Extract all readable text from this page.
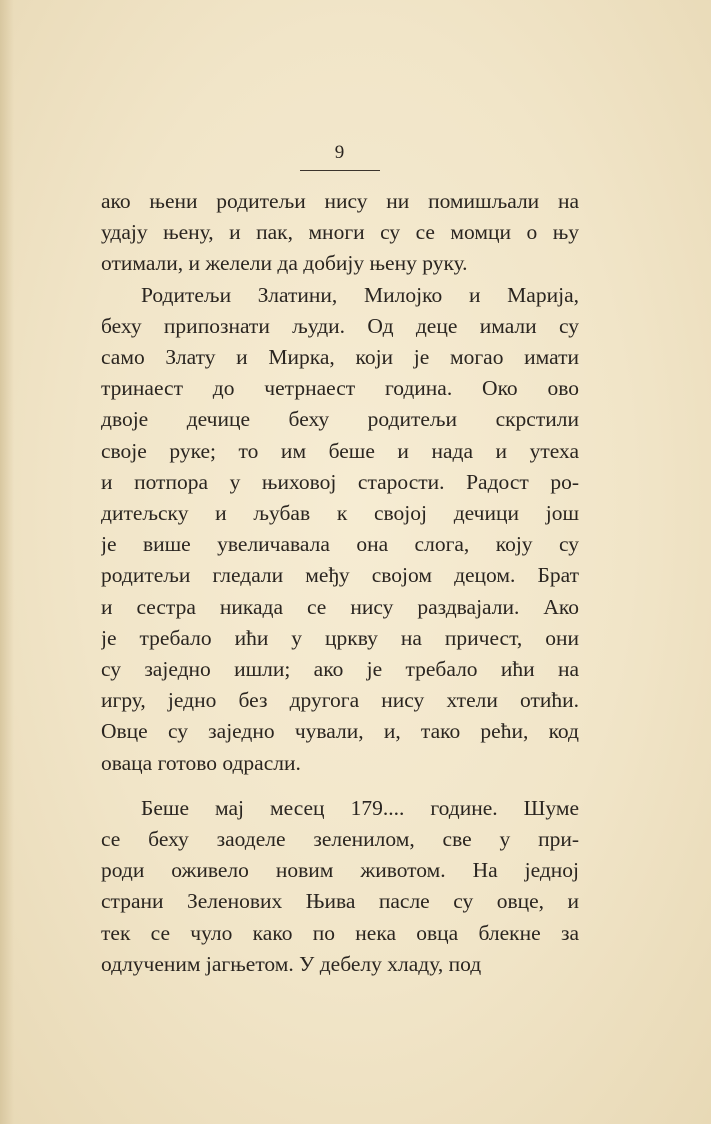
9
ако њени родитељи нису ни помишљали на
удају њену, и пак, многи су се момци о њу
отимали, и желели да добију њену руку.
Родитељи Златини, Милојко и Марија,
беху припознати људи. Од деце имали су
само Злату и Мирка, који је могао имати
тринаест до четрнаест година. Око ово
двоје дечице беху родитељи скрстили
своје руке; то им беше и нада и утеха
и потпора у њиховој старости. Радост ро-
дитељску и љубав к својој дечици још
је више увеличавала она слога, коју су
родитељи гледали међу својом децом. Брат
и сестра никада се нису раздвајали. Ако
је требало ићи у цркву на причест, они
су заједно ишли; ако је требало ићи на
игру, једно без другога нису хтели отићи.
Овце су заједно чували, и, тако рећи, код
оваца готово одрасли.
Беше мај месец 179.... године. Шуме
се беху заоделе зеленилом, све у при-
роди оживело новим животом. На једној
страни Зеленових Њива пасле су овце, и
тек се чуло како по нека овца блекне за
одлученим јагњетом. У дебелу хладу, под
